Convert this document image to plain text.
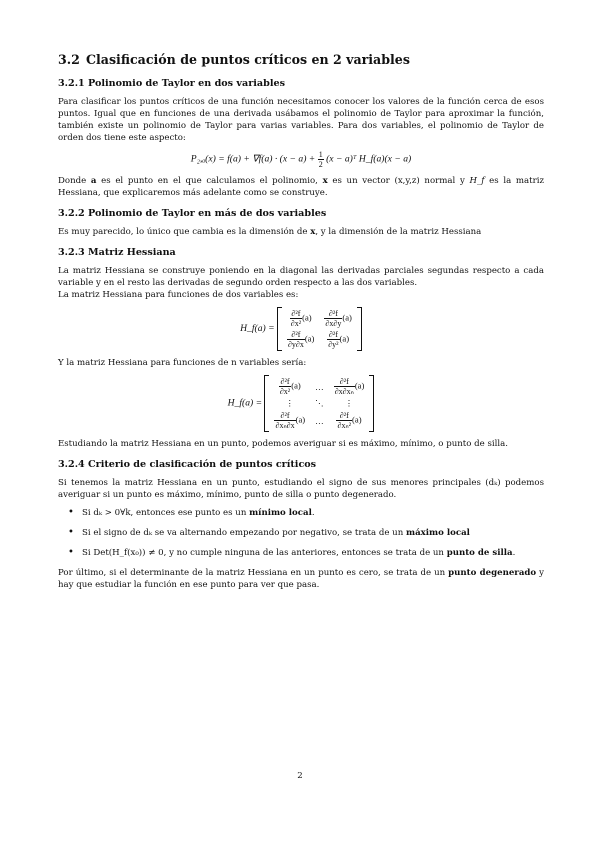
3.2 Clasificación de puntos críticos en 2 variables
3.2.1 Polinomio de Taylor en dos variables

Para clasificar los puntos críticos de una función necesitamos conocer los valores de la función cerca de esos puntos. Igual que en funciones de una derivada usábamos el polinomio de Taylor para aproximar la función, también existe un polinomio de Taylor para varias variables. Para dos variables, el polinomio de Taylor de orden dos tiene este aspecto:

$P_2,_a(x) = f(a) + \nabla f(a) \cdot (x - a) + \frac{1}{2} (x$ − a)ᵀ H_f(a)(x − a)

Donde a es el punto en el que calculamos el polinomio, x es un vector (x,y,z) normal y H_f es la matriz Hessiana, que explicaremos más adelante como se construye.

3.2.2 Polinomio de Taylor en más de dos variables

Es muy parecido, lo único que cambia es la dimensión de x, y la dimensión de la matriz Hessiana

3.2.3 Matriz Hessiana

La matriz Hessiana se construye poniendo en la diagonal las derivadas parciales segundas respecto a cada variable y en el resto las derivadas de segundo orden respecto a las dos variables.

La matriz Hessiana para funciones de dos variables es:

H_f(a) =
$\frac{\text{∂²f}}{\text{∂x²}} (a)$	$\frac{\text{∂²f}}{\partial x\partial y} (a)$

$\frac{\text{∂²f}}{\partial y\partial x} (a)$	$\frac{\text{∂²f}}{\text{∂y²}} (a)$

Y la matriz Hessiana para funciones de n variables sería:

H_f(a) =
$\frac{\text{∂²f}}{\text{∂x²}} (a)$	…	$\frac{\text{∂²f}}{\text{∂x∂xₙ}} (a)$
⋮	⋱	⋮

$\frac{\text{∂²f}}{\text{∂xₙ∂x}} (a)$	…	$\frac{\text{∂²f}}{\text{∂xₙ²}} (a)$

Estudiando la matriz Hessiana en un punto, podemos averiguar si es máximo, mínimo, o punto de silla.

3.2.4 Criterio de clasificación de puntos críticos

Si tenemos la matriz Hessiana en un punto, estudiando el signo de sus menores principales (dₖ) podemos averiguar si un punto es máximo, mínimo, punto de silla o punto degenerado.

• Si dₖ > 0∀k, entonces ese punto es un mínimo local.
• Si el signo de dₖ se va alternando empezando por negativo, se trata de un máximo local
• Si Det(H_f(x₀)) ≠ 0, y no cumple ninguna de las anteriores, entonces se trata de un punto de silla.

Por último, si el determinante de la matriz Hessiana en un punto es cero, se trata de un punto degenerado y hay que estudiar la función en ese punto para ver que pasa.

2
